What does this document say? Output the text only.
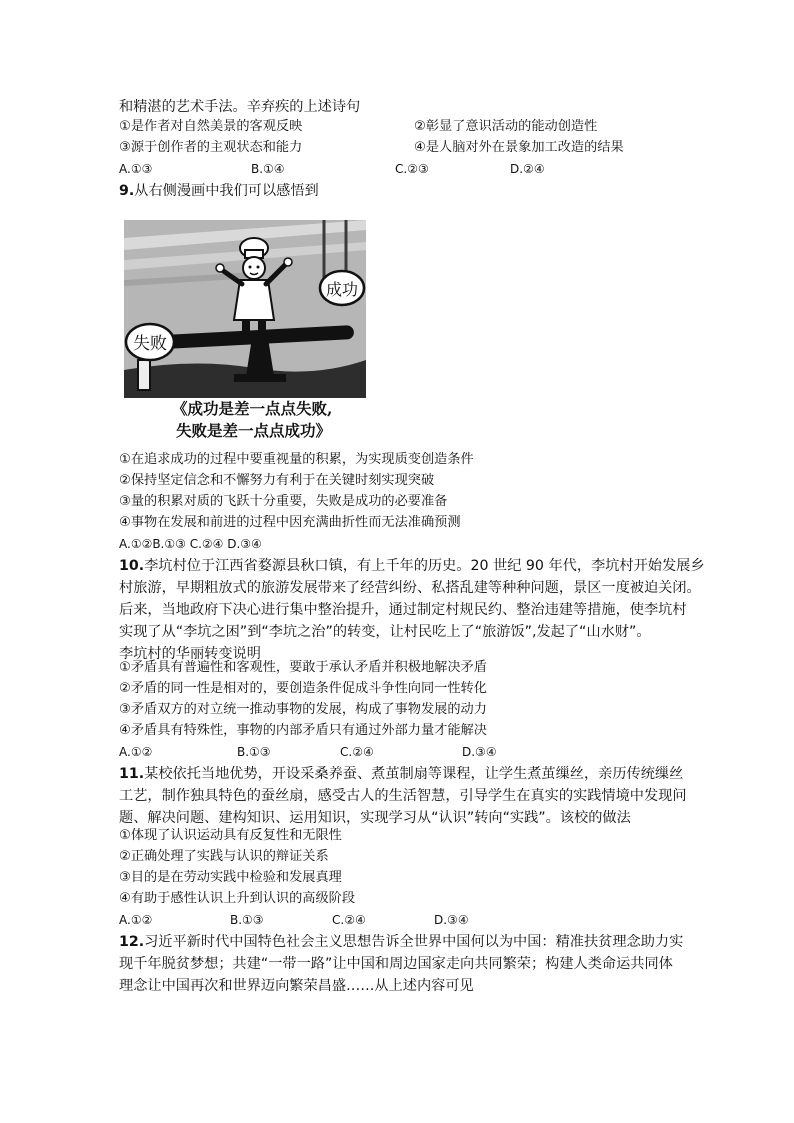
和精湛的艺术手法。辛弃疾的上述诗句
①是作者对自然美景的客观反映	②彰显了意识活动的能动创造性
③源于创作者的主观状态和能力	④是人脑对外在景象加工改造的结果
A.①③	B.①④	C.②③	D.②④
9.从右侧漫画中我们可以感悟到
失败
成功
《成功是差一点点失败,
失败是差一点点成功》
①在追求成功的过程中要重视量的积累，为实现质变创造条件
②保持坚定信念和不懈努力有利于在关键时刻实现突破
③量的积累对质的飞跃十分重要，失败是成功的必要准备
④事物在发展和前进的过程中因充满曲折性而无法准确预测
A.①②B.①③ C.②④ D.③④
10.李坑村位于江西省婺源县秋口镇，有上千年的历史。20 世纪 90 年代，李坑村开始发展乡
村旅游，早期粗放式的旅游发展带来了经营纠纷、私搭乱建等种种问题，景区一度被迫关闭。
后来，当地政府下决心进行集中整治提升，通过制定村规民约、整治违建等措施，使李坑村
实现了从“李坑之困”到“李坑之治”的转变，让村民吃上了“旅游饭”,发起了“山水财”。
李坑村的华丽转变说明
①矛盾具有普遍性和客观性，要敢于承认矛盾并积极地解决矛盾
②矛盾的同一性是相对的，要创造条件促成斗争性向同一性转化
③矛盾双方的对立统一推动事物的发展，构成了事物发展的动力
④矛盾具有特殊性，事物的内部矛盾只有通过外部力量才能解决
A.①②	B.①③	C.②④	D.③④
11.某校依托当地优势，开设采桑养蚕、煮茧制扇等课程，让学生煮茧缫丝，亲历传统缫丝
工艺，制作独具特色的蚕丝扇，感受古人的生活智慧，引导学生在真实的实践情境中发现问
题、解决问题、建构知识、运用知识，实现学习从“认识”转向“实践”。该校的做法
①体现了认识运动具有反复性和无限性
②正确处理了实践与认识的辩证关系
③目的是在劳动实践中检验和发展真理
④有助于感性认识上升到认识的高级阶段
A.①②	B.①③	C.②④	D.③④
12.习近平新时代中国特色社会主义思想告诉全世界中国何以为中国：精准扶贫理念助力实
现千年脱贫梦想；共建“一带一路”让中国和周边国家走向共同繁荣；构建人类命运共同体
理念让中国再次和世界迈向繁荣昌盛……从上述内容可见
